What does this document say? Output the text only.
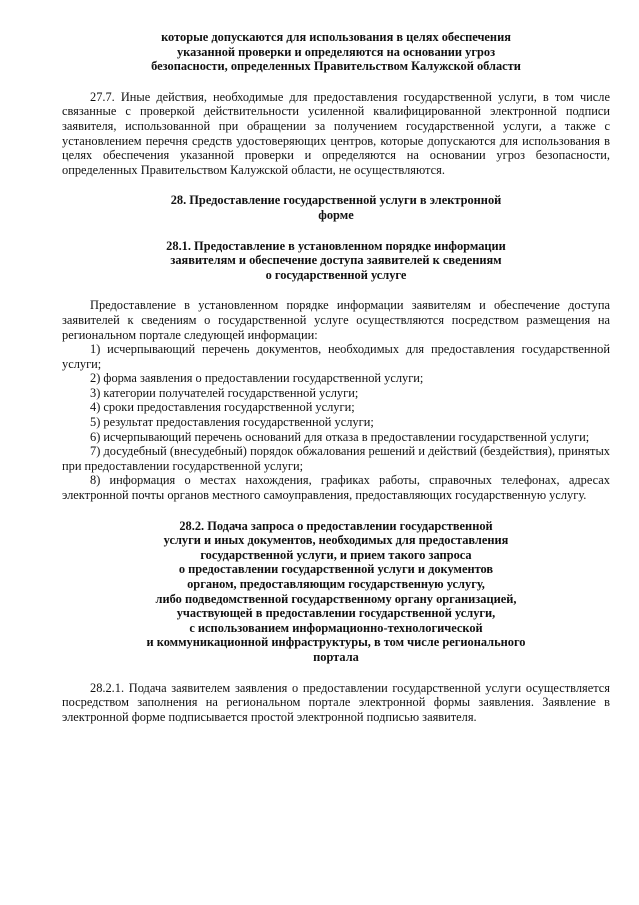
которые допускаются для использования в целях обеспечения
указанной проверки и определяются на основании угроз
безопасности, определенных Правительством Калужской области

27.7. Иные действия, необходимые для предоставления государственной услуги, в том числе связанные с проверкой действительности усиленной квалифицированной электронной подписи заявителя, использованной при обращении за получением государственной услуги, а также с установлением перечня средств удостоверяющих центров, которые допускаются для использования в целях обеспечения указанной проверки и определяются на основании угроз безопасности, определенных Правительством Калужской области, не осуществляются.

28. Предоставление государственной услуги в электронной
форме
28.1. Предоставление в установленном порядке информации
заявителям и обеспечение доступа заявителей к сведениям
о государственной услуге

Предоставление в установленном порядке информации заявителям и обеспечение доступа заявителей к сведениям о государственной услуге осуществляются посредством размещения на региональном портале следующей информации:

1) исчерпывающий перечень документов, необходимых для предоставления государственной услуги;

2) форма заявления о предоставлении государственной услуги;

3) категории получателей государственной услуги;

4) сроки предоставления государственной услуги;

5) результат предоставления государственной услуги;

6) исчерпывающий перечень оснований для отказа в предоставлении государственной услуги;

7) досудебный (внесудебный) порядок обжалования решений и действий (бездействия), принятых при предоставлении государственной услуги;

8) информация о местах нахождения, графиках работы, справочных телефонах, адресах электронной почты органов местного самоуправления, предоставляющих государственную услугу.

28.2. Подача запроса о предоставлении государственной
услуги и иных документов, необходимых для предоставления
государственной услуги, и прием такого запроса
о предоставлении государственной услуги и документов
органом, предоставляющим государственную услугу,
либо подведомственной государственному органу организацией,
участвующей в предоставлении государственной услуги,
с использованием информационно-технологической
и коммуникационной инфраструктуры, в том числе регионального
портала

28.2.1. Подача заявителем заявления о предоставлении государственной услуги осуществляется посредством заполнения на региональном портале электронной формы заявления. Заявление в электронной форме подписывается простой электронной подписью заявителя.
